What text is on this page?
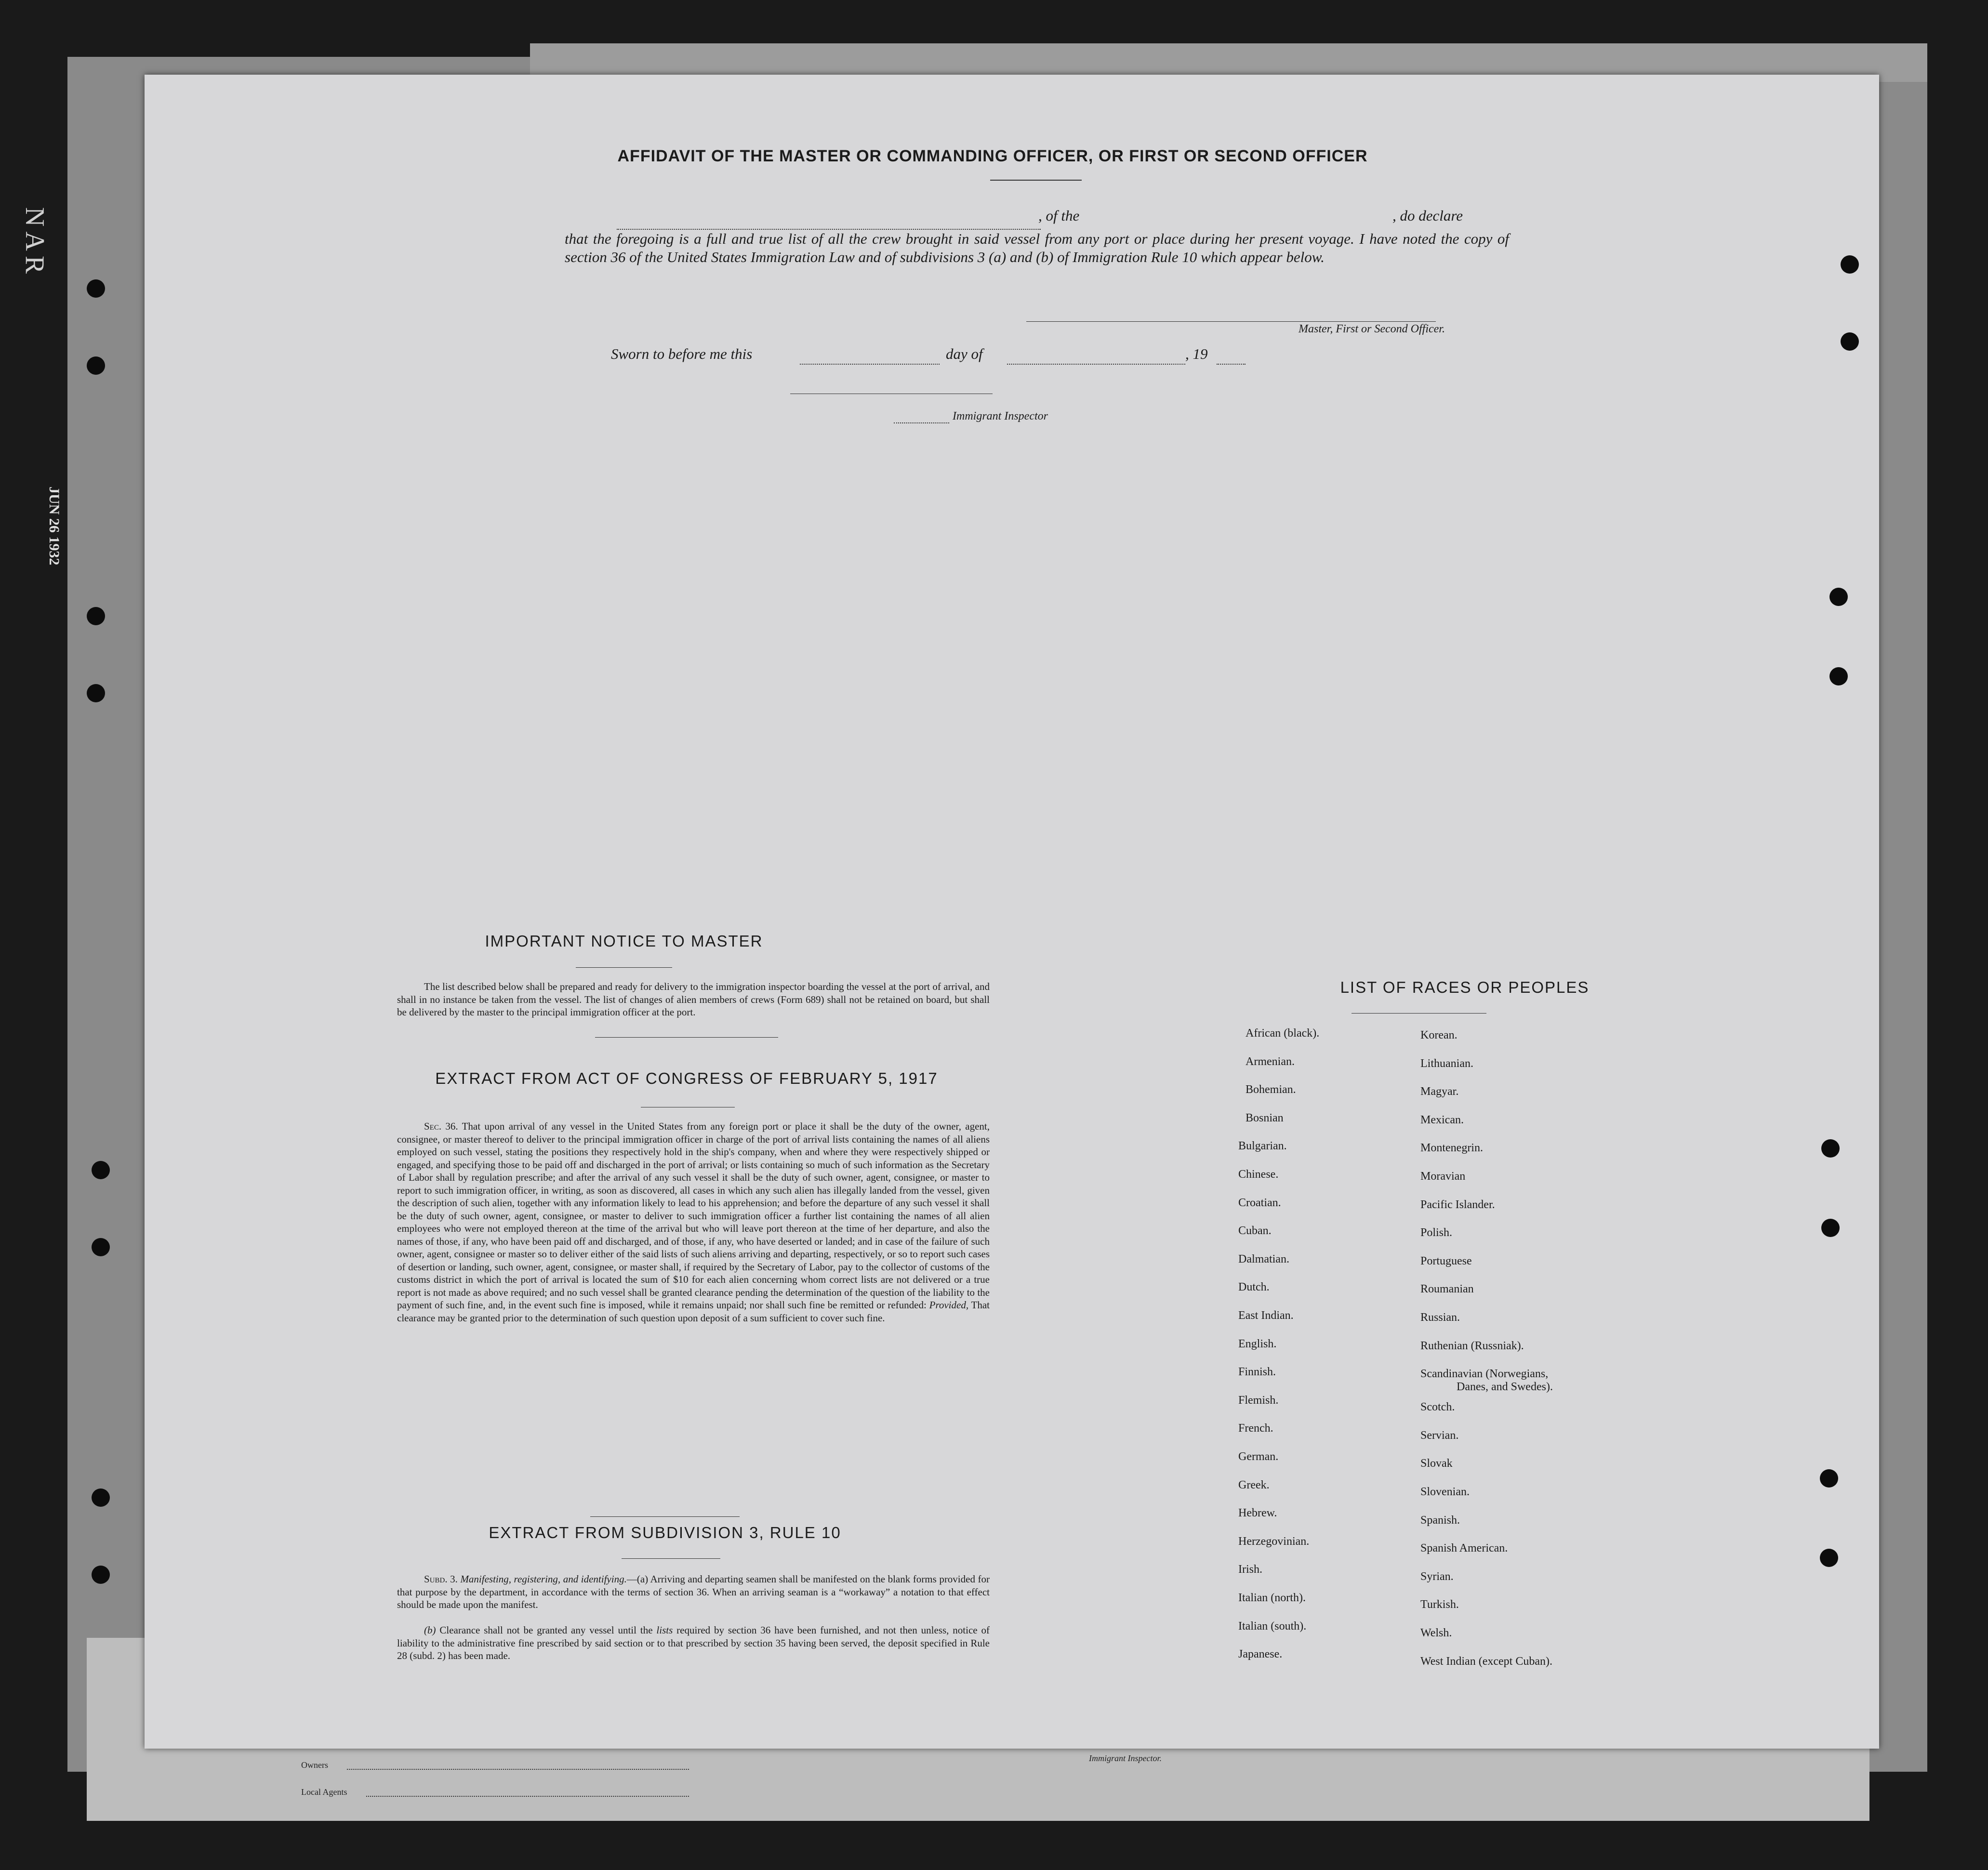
NAR
JUN 26 1932
Owners
Local Agents
Immigrant Inspector.
AFFIDAVIT OF THE MASTER OR COMMANDING OFFICER, OR FIRST OR SECOND OFFICER
, of the	, do declare
that the foregoing is a full and true list of all the crew brought in said vessel from any port or place during her present voyage. I have noted the copy of section 36 of the United States Immigration Law and of subdivisions 3 (a) and (b) of Immigration Rule 10 which appear below.
Master, First or Second Officer.
Sworn to before me this	day of	, 19
Immigrant Inspector
IMPORTANT NOTICE TO MASTER
The list described below shall be prepared and ready for delivery to the immigration inspector boarding the vessel at the port of arrival, and shall in no instance be taken from the vessel. The list of changes of alien members of crews (Form 689) shall not be retained on board, but shall be delivered by the master to the principal immigration officer at the port.
EXTRACT FROM ACT OF CONGRESS OF FEBRUARY 5, 1917
Sec. 36. That upon arrival of any vessel in the United States from any foreign port or place it shall be the duty of the owner, agent, consignee, or master thereof to deliver to the principal immigration officer in charge of the port of arrival lists containing the names of all aliens employed on such vessel, stating the positions they respectively hold in the ship's company, when and where they were respectively shipped or engaged, and specifying those to be paid off and discharged in the port of arrival; or lists containing so much of such information as the Secretary of Labor shall by regulation prescribe; and after the arrival of any such vessel it shall be the duty of such owner, agent, consignee, or master to report to such immigration officer, in writing, as soon as discovered, all cases in which any such alien has illegally landed from the vessel, given the description of such alien, together with any information likely to lead to his apprehension; and before the departure of any such vessel it shall be the duty of such owner, agent, consignee, or master to deliver to such immigration officer a further list containing the names of all alien employees who were not employed thereon at the time of the arrival but who will leave port thereon at the time of her departure, and also the names of those, if any, who have been paid off and discharged, and of those, if any, who have deserted or landed; and in case of the failure of such owner, agent, consignee or master so to deliver either of the said lists of such aliens arriving and departing, respectively, or so to report such cases of desertion or landing, such owner, agent, consignee, or master shall, if required by the Secretary of Labor, pay to the collector of customs of the customs district in which the port of arrival is located the sum of $10 for each alien concerning whom correct lists are not delivered or a true report is not made as above required; and no such vessel shall be granted clearance pending the determination of the question of the liability to the payment of such fine, and, in the event such fine is imposed, while it remains unpaid; nor shall such fine be remitted or refunded: Provided, That clearance may be granted prior to the determination of such question upon deposit of a sum sufficient to cover such fine.
EXTRACT FROM SUBDIVISION 3, RULE 10
Subd. 3. Manifesting, registering, and identifying.—(a) Arriving and departing seamen shall be manifested on the blank forms provided for that purpose by the department, in accordance with the terms of section 36. When an arriving seaman is a “workaway” a notation to that effect should be made upon the manifest.
(b) Clearance shall not be granted any vessel until the lists required by section 36 have been furnished, and not then unless, notice of liability to the administrative fine prescribed by said section or to that prescribed by section 35 having been served, the deposit specified in Rule 28 (subd. 2) has been made.
LIST OF RACES OR PEOPLES
African (black).
Armenian.
Bohemian.
Bosnian
Bulgarian.
Chinese.
Croatian.
Cuban.
Dalmatian.
Dutch.
East Indian.
English.
Finnish.
Flemish.
French.
German.
Greek.
Hebrew.
Herzegovinian.
Irish.
Italian (north).
Italian (south).
Japanese.
Korean.
Lithuanian.
Magyar.
Mexican.
Montenegrin.
Moravian
Pacific Islander.
Polish.
Portuguese
Roumanian
Russian.
Ruthenian (Russniak).
Scandinavian (Norwegians,
Danes, and Swedes).
Scotch.
Servian.
Slovak
Slovenian.
Spanish.
Spanish American.
Syrian.
Turkish.
Welsh.
West Indian (except Cuban).
